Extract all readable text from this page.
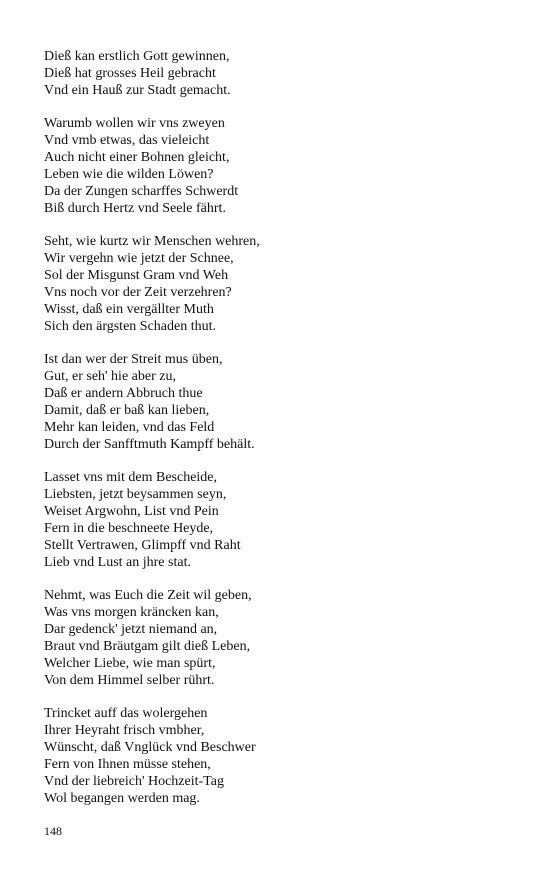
Dieß kan erstlich Gott gewinnen,
Dieß hat grosses Heil gebracht
Vnd ein Hauß zur Stadt gemacht.
Warumb wollen wir vns zweyen
Vnd vmb etwas, das vieleicht
Auch nicht einer Bohnen gleicht,
Leben wie die wilden Löwen?
Da der Zungen scharffes Schwerdt
Biß durch Hertz vnd Seele fährt.
Seht, wie kurtz wir Menschen wehren,
Wir vergehn wie jetzt der Schnee,
Sol der Misgunst Gram vnd Weh
Vns noch vor der Zeit verzehren?
Wisst, daß ein vergällter Muth
Sich den ärgsten Schaden thut.
Ist dan wer der Streit mus üben,
Gut, er seh' hie aber zu,
Daß er andern Abbruch thue
Damit, daß er baß kan lieben,
Mehr kan leiden, vnd das Feld
Durch der Sanfftmuth Kampff behält.
Lasset vns mit dem Bescheide,
Liebsten, jetzt beysammen seyn,
Weiset Argwohn, List vnd Pein
Fern in die beschneete Heyde,
Stellt Vertrawen, Glimpff vnd Raht
Lieb vnd Lust an jhre stat.
Nehmt, was Euch die Zeit wil geben,
Was vns morgen kräncken kan,
Dar gedenck' jetzt niemand an,
Braut vnd Bräutgam gilt dieß Leben,
Welcher Liebe, wie man spürt,
Von dem Himmel selber rührt.
Trincket auff das wolergehen
Ihrer Heyraht frisch vmbher,
Wünscht, daß Vnglück vnd Beschwer
Fern von Ihnen müsse stehen,
Vnd der liebreich' Hochzeit-Tag
Wol begangen werden mag.
148
